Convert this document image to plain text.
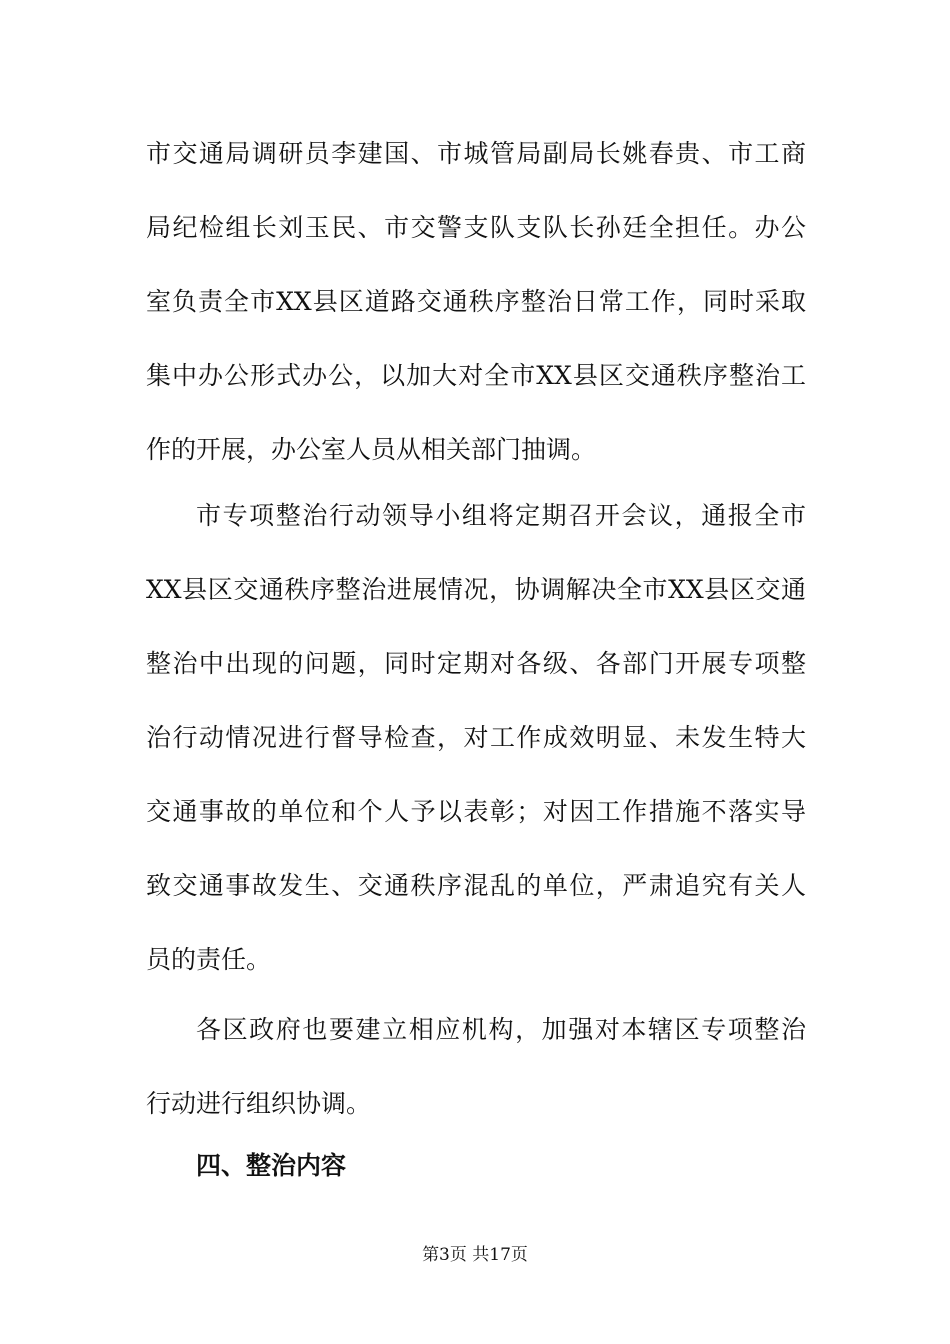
市交通局调研员李建国、市城管局副局长姚春贵、市工商
局纪检组长刘玉民、市交警支队支队长孙廷全担任。办公
室负责全市XX县区道路交通秩序整治日常工作，同时采取
集中办公形式办公，以加大对全市XX县区交通秩序整治工
作的开展，办公室人员从相关部门抽调。
市专项整治行动领导小组将定期召开会议，通报全市
XX县区交通秩序整治进展情况，协调解决全市XX县区交通
整治中出现的问题，同时定期对各级、各部门开展专项整
治行动情况进行督导检查，对工作成效明显、未发生特大
交通事故的单位和个人予以表彰；对因工作措施不落实导
致交通事故发生、交通秩序混乱的单位，严肃追究有关人
员的责任。
各区政府也要建立相应机构，加强对本辖区专项整治
行动进行组织协调。
四、整治内容
第3页 共17页
